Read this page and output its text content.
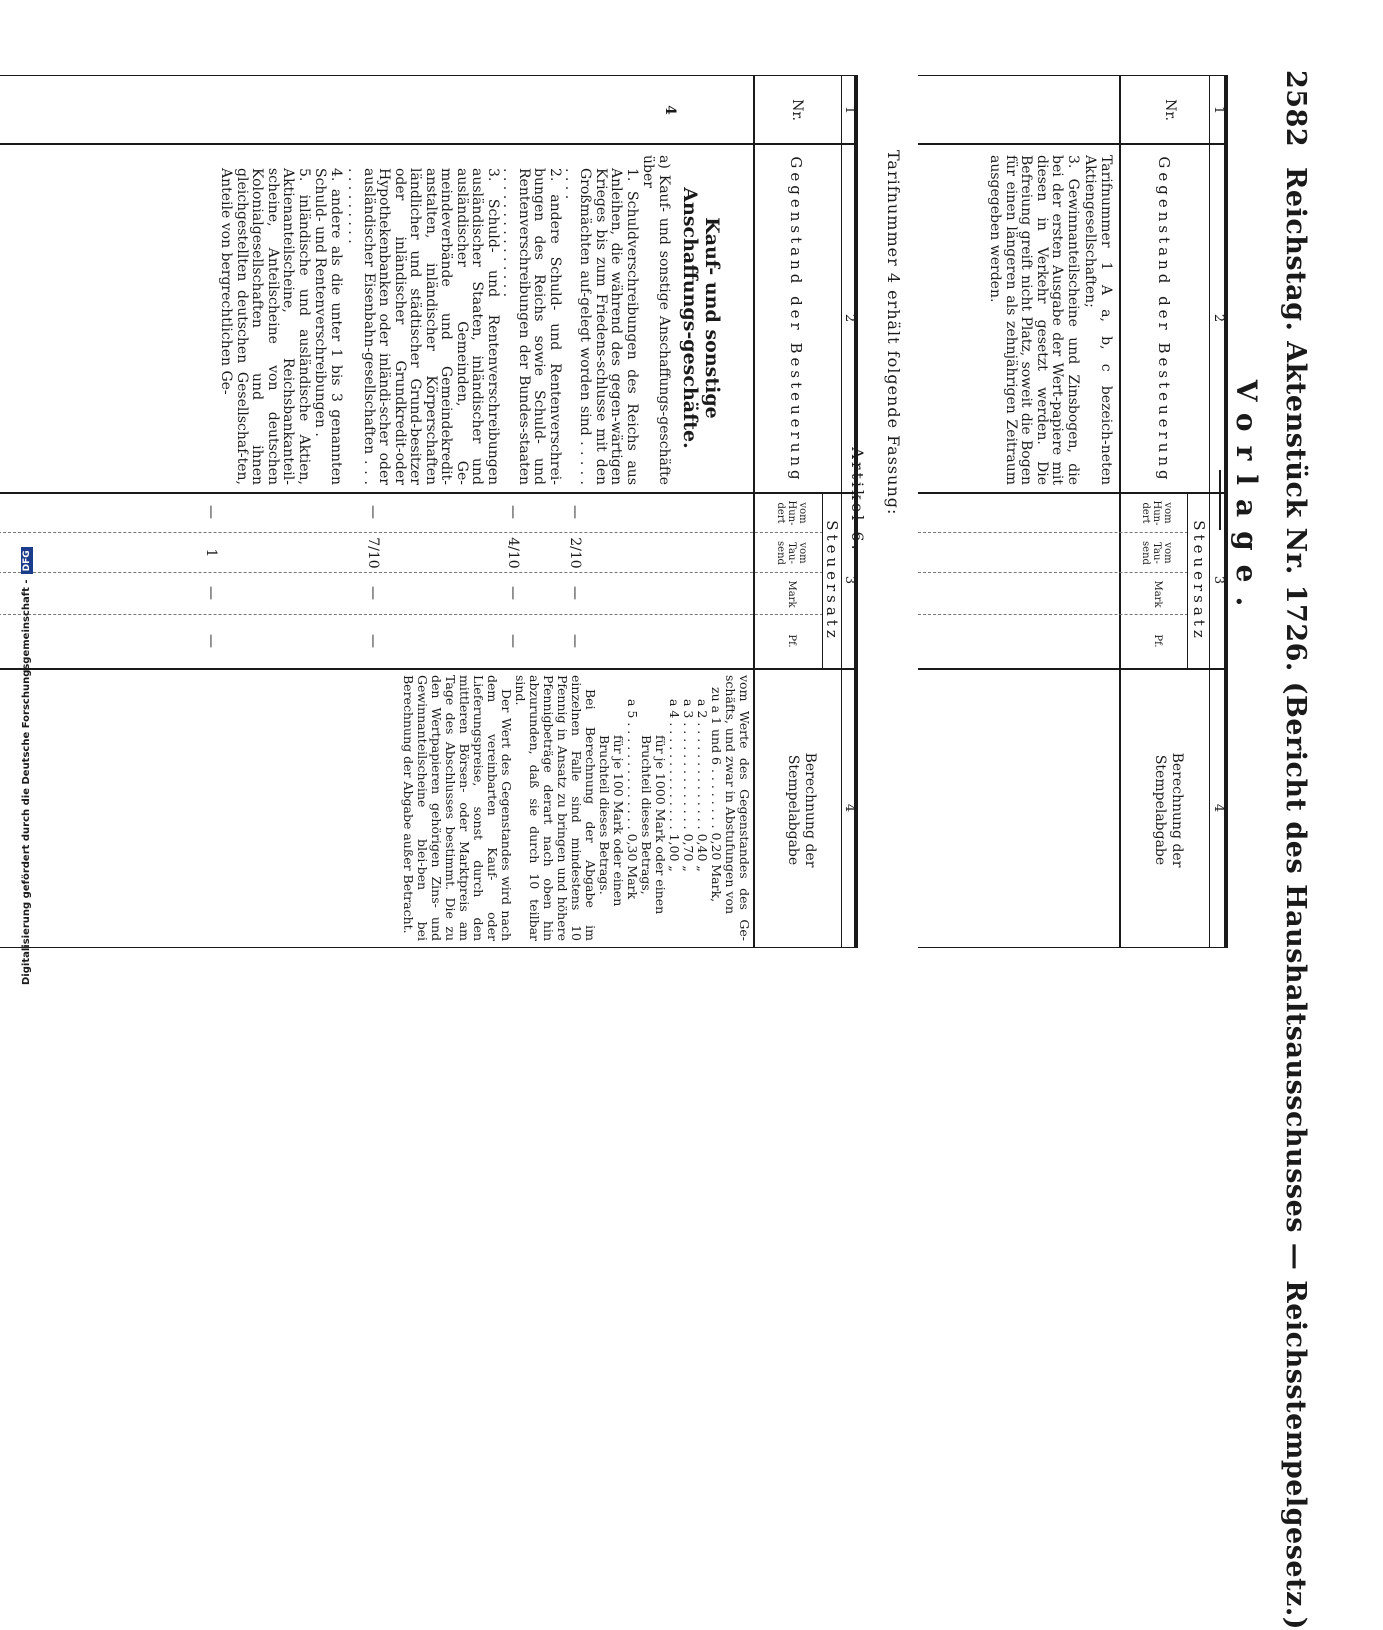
2582  Reichstag. Aktenstück Nr. 1726. (Bericht des Haushaltsausschusses — Reichsstempelgesetz.)
Vorlage.
1
2
3
4
Nr.
Gegenstand der Besteuerung
Steuersatz
vom Hun-dert
vom Tau-send
Mark
Pf.
Berechnung der Stempelabgabe
Tarifnummer 1 A a, b, c bezeich-neten Aktiengesellschaften;
3. Gewinnanteilscheine und Zinsbogen, die bei der ersten Ausgabe der Wert-papiere mit diesen in Verkehr gesetzt werden. Die Befreiung greift nicht Platz, soweit die Bogen für einen längeren als zehnjährigen Zeitraum ausgegeben werden.
Tarifnummer 4 erhält folgende Fassung:
Artikel 6.
1
2
3
4
Nr.
Gegenstand der Besteuerung
Steuersatz
vom Hun-dert
vom Tau-send
Mark
Pf.
Berechnung der Stempelabgabe
4
Kauf- und sonstige Anschaffungs-geschäfte.
a) Kauf- und sonstige Anschaffungs-geschäfte über
1. Schuldverschreibungen des Reichs aus Anleihen, die während des gegen-wärtigen Krieges bis zum Friedens-schlusse mit den Großmächten auf-gelegt worden sind . . . . . . . . .
2. andere Schuld- und Rentenverschrei-bungen des Reichs sowie Schuld- und Rentenverschreibungen der Bundes-staaten . . . . . . . . . . . . . . .
3. Schuld- und Rentenverschreibungen ausländischer Staaten, inländischer und ausländischer Gemeinden, Ge-meindeverbände und Gemeindekredit-anstalten, inländischer Körperschaften ländlicher und städtischer Grund-besitzer oder inländischer Grundkredit-oder Hypothekenbanken oder inländi-scher oder ausländischer Eisenbahn-gesellschaften . . . . . . . . . . . .
4. andere als die unter 1 bis 3 genannten Schuld- und Rentenverschreibungen .
5. inländische und ausländische Aktien, Aktienanteilscheine, Reichsbankanteil-scheine, Anteilscheine von deutschen Kolonialgesellschaften und ihnen gleichgestellten deutschen Gesellschaf-ten, Anteile von bergrechtlichen Ge-
—
2/10
—
—
—
4/10
—
—
—
7/10
—
—
—
1
—
—
vom Werte des Gegenstandes des Ge-schäfts, und zwar in Abstufungen von
zu a 1 und 6 . . . . . . . . 0,20 Mark,
a 2 . . . . . . . . . . . . . . 0,40 „
a 3 . . . . . . . . . . . . . . 0,70 „
a 4 . . . . . . . . . . . . . . 1,00 „
für je 1000 Mark oder einen Bruchteil dieses Betrags,
a 5 . . . . . . . . . . . . . . 0,30 Mark
für je 100 Mark oder einen Bruchteil dieses Betrags.
Bei Berechnung der Abgabe im einzelnen Falle sind mindestens 10 Pfennig in Ansatz zu bringen und höhere Pfennigbeträge derart nach oben hin abzurunden, daß sie durch 10 teilbar sind.
Der Wert des Gegenstandes wird nach dem vereinbarten Kauf- oder Lieferungspreise, sonst durch den mittleren Börsen- oder Marktpreis am Tage des Abschlusses bestimmt. Die zu den Wertpapieren gehörigen Zins- und Gewinnanteilscheine blei-ben bei Berechnung der Abgabe außer Betracht.
Digitalisierung gefördert durch die Deutsche Forschungsgemeinschaft - DFG
